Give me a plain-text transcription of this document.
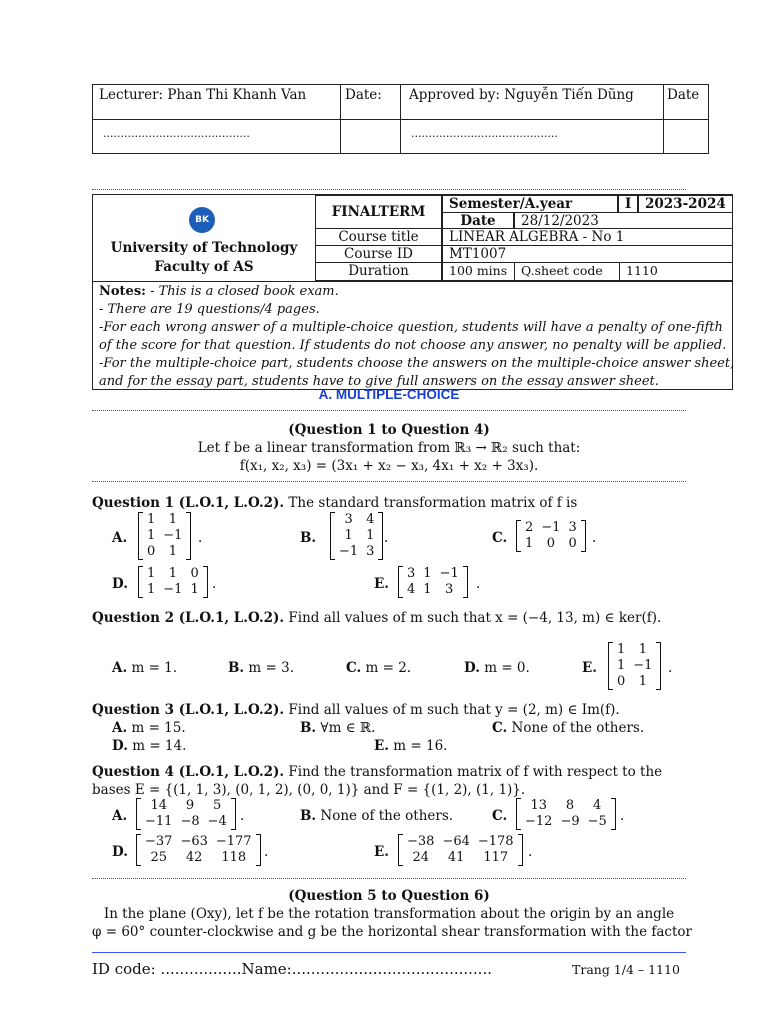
Lecturer: Phan Thi Khanh Van	Date: Approved by: Nguyễn Tiến Dũng Date
..........................................	..........................................
BK
University of Technology
Faculty of AS
FINALTERM	Semester/A.year	I	2023-2024
Date	28/12/2023
Course title	LINEAR ALGEBRA - No 1
Course ID	MT1007
Duration	100 mins	Q.sheet code	1110
Notes: - This is a closed book exam.
- There are 19 questions/4 pages.
-For each wrong answer of a multiple-choice question, students will have a penalty of one-fifth
of the score for that question. If students do not choose any answer, no penalty will be applied.
-For the multiple-choice part, students choose the answers on the multiple-choice answer sheet,
and for the essay part, students have to give full answers on the essay answer sheet.
A. MULTIPLE-CHOICE
(Question 1 to Question 4)
Let f be a linear transformation from ℝ₃ → ℝ₂ such that:
f(x₁, x₂, x₃) = (3x₁ + x₂ − x₃, 4x₁ + x₂ + 3x₃).
Question 1 (L.O.1, L.O.2). The standard transformation matrix of f is
A.
1	1
1	−1
0	1
.	B.
3	4
1	1
−1	3
.	C.
2	−1	3
1	0	0 .
D.
1	1	0
1	−1	1 .	E.
3	1	−1
4	1	3 .
Question 2 (L.O.1, L.O.2). Find all values of m such that x = (−4, 13, m) ∈ ker(f).
A. m = 1.	B. m = 3.	C. m = 2.	D. m = 0.	E.
1	1
1	−1
0	1
.
Question 3 (L.O.1, L.O.2). Find all values of m such that y = (2, m) ∈ Im(f).
A. m = 15.	B. ∀m ∈ ℝ.	C. None of the others.
D. m = 14.	E. m = 16.
Question 4 (L.O.1, L.O.2). Find the transformation matrix of f with respect to the
bases E = {(1, 1, 3), (0, 1, 2), (0, 0, 1)} and F = {(1, 2), (1, 1)}.
A.
14	9	5
−11	−8	−4 .	B. None of the others.	C.
13	8	4
−12	−9	−5 .
D.
−37	−63	−177
25	42	118 .	E.
−38	−64	−178
24	41	117 .
(Question 5 to Question 6)
In the plane (Oxy), let f be the rotation transformation about the origin by an angle
φ = 60° counter-clockwise and g be the horizontal shear transformation with the factor
ID code: .................Name:..........................................	Trang 1/4 – 1110
